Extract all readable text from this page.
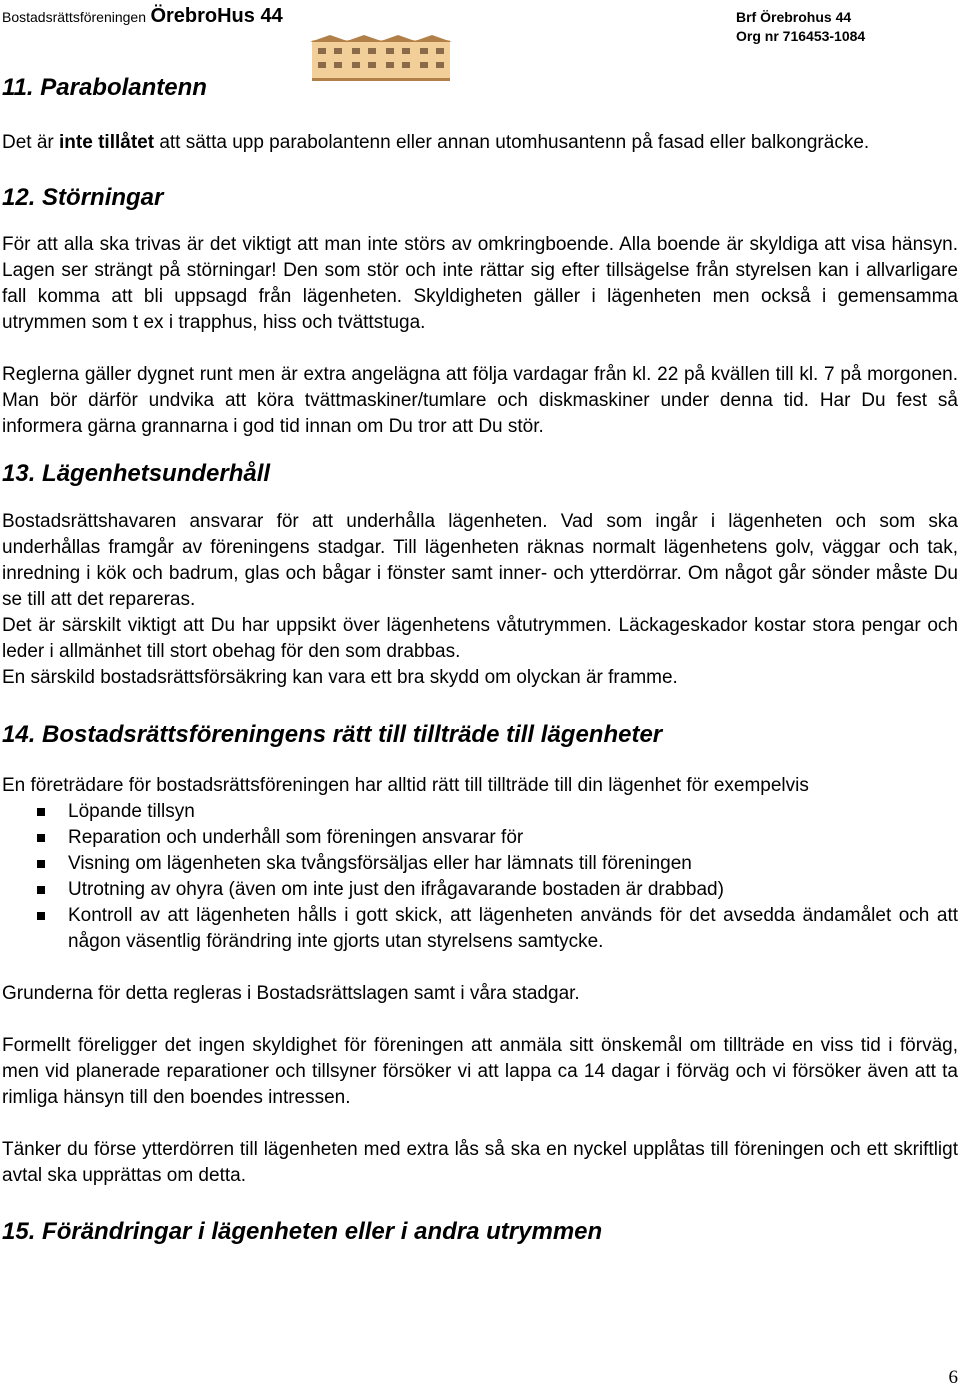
Bostadsrättsföreningen ÖrebroHus 44	Brf Örebrohus 44
Org nr 716453-1084
11. Parabolantenn

Det är inte tillåtet att sätta upp parabolantenn eller annan utomhusantenn på fasad eller balkongräcke.

12. Störningar

För att alla ska trivas är det viktigt att man inte störs av omkringboende. Alla boende är skyldiga att visa hänsyn. Lagen ser strängt på störningar! Den som stör och inte rättar sig efter tillsägelse från styrelsen kan i allvarligare fall komma att bli uppsagd från lägenheten. Skyldigheten gäller i lägenheten men också i gemensamma utrymmen som t ex i trapphus, hiss och tvättstuga.

Reglerna gäller dygnet runt men är extra angelägna att följa vardagar från kl. 22 på kvällen till kl. 7 på morgonen. Man bör därför undvika att köra tvättmaskiner/tumlare och diskmaskiner under denna tid. Har Du fest så informera gärna grannarna i god tid innan om Du tror att Du stör.

13. Lägenhetsunderhåll

Bostadsrättshavaren ansvarar för att underhålla lägenheten. Vad som ingår i lägenheten och som ska underhållas framgår av föreningens stadgar. Till lägenheten räknas normalt lägenhetens golv, väggar och tak, inredning i kök och badrum, glas och bågar i fönster samt inner- och ytterdörrar. Om något går sönder måste Du se till att det repareras.

Det är särskilt viktigt att Du har uppsikt över lägenhetens våtutrymmen. Läckageskador kostar stora pengar och leder i allmänhet till stort obehag för den som drabbas.

En särskild bostadsrättsförsäkring kan vara ett bra skydd om olyckan är framme.

14. Bostadsrättsföreningens rätt till tillträde till lägenheter

En företrädare för bostadsrättsföreningen har alltid rätt till tillträde till din lägenhet för exempelvis

Löpande tillsyn
Reparation och underhåll som föreningen ansvarar för
Visning om lägenheten ska tvångsförsäljas eller har lämnats till föreningen
Utrotning av ohyra (även om inte just den ifrågavarande bostaden är drabbad)
Kontroll av att lägenheten hålls i gott skick, att lägenheten används för det avsedda ändamålet och att någon väsentlig förändring inte gjorts utan styrelsens samtycke.

Grunderna för detta regleras i Bostadsrättslagen samt i våra stadgar.

Formellt föreligger det ingen skyldighet för föreningen att anmäla sitt önskemål om tillträde en viss tid i förväg, men vid planerade reparationer och tillsyner försöker vi att lappa ca 14 dagar i förväg och vi försöker även att ta rimliga hänsyn till den boendes intressen.

Tänker du förse ytterdörren till lägenheten med extra lås så ska en nyckel upplåtas till föreningen och ett skriftligt avtal ska upprättas om detta.

15. Förändringar i lägenheten eller i andra utrymmen
6
